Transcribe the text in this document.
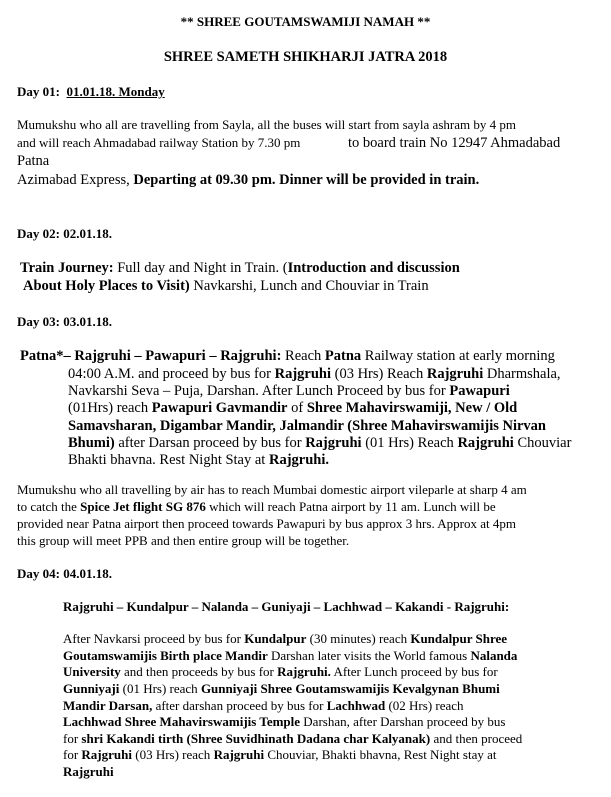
** SHREE GOUTAMSWAMIJI NAMAH **
SHREE SAMETH SHIKHARJI JATRA 2018
Day 01: 01.01.18. Monday
Mumukshu who all are travelling from Sayla, all the buses will start from sayla ashram by 4 pm
and will reach Ahmadabad railway Station by 7.30 pm	to board train No 12947 Ahmadabad
Patna
Azimabad Express, Departing at 09.30 pm. Dinner will be provided in train.
Day 02: 02.01.18.
Train Journey: Full day and Night in Train. (Introduction and discussion
About Holy Places to Visit) Navkarshi, Lunch and Chouviar in Train
Day 03: 03.01.18.
Patna*– Rajgruhi – Pawapuri – Rajgruhi: Reach Patna Railway station at early morning
04:00 A.M. and proceed by bus for Rajgruhi (03 Hrs) Reach Rajgruhi Dharmshala,
Navkarshi Seva – Puja, Darshan. After Lunch Proceed by bus for Pawapuri
(01Hrs) reach Pawapuri Gavmandir of Shree Mahavirswamiji, New / Old
Samavsharan, Digambar Mandir, Jalmandir (Shree Mahavirswamijis Nirvan
Bhumi) after Darsan proceed by bus for Rajgruhi (01 Hrs) Reach Rajgruhi Chouviar
Bhakti bhavna. Rest Night Stay at Rajgruhi.
Mumukshu who all travelling by air has to reach Mumbai domestic airport vileparle at sharp 4 am
to catch the Spice Jet flight SG 876 which will reach Patna airport by 11 am. Lunch will be
provided near Patna airport then proceed towards Pawapuri by bus approx 3 hrs. Approx at 4pm
this group will meet PPB and then entire group will be together.
Day 04: 04.01.18.
Rajgruhi – Kundalpur – Nalanda – Guniyaji – Lachhwad – Kakandi - Rajgruhi:
After Navkarsi proceed by bus for Kundalpur (30 minutes) reach Kundalpur Shree
Goutamswamijis Birth place Mandir Darshan later visits the World famous Nalanda
University and then proceeds by bus for Rajgruhi. After Lunch proceed by bus for
Gunniyaji (01 Hrs) reach Gunniyaji Shree Goutamswamijis Kevalgynan Bhumi
Mandir Darsan, after darshan proceed by bus for Lachhwad (02 Hrs) reach
Lachhwad Shree Mahavirswamijis Temple Darshan, after Darshan proceed by bus
for shri Kakandi tirth (Shree Suvidhinath Dadana char Kalyanak) and then proceed
for Rajgruhi (03 Hrs) reach Rajgruhi Chouviar, Bhakti bhavna, Rest Night stay at
Rajgruhi
